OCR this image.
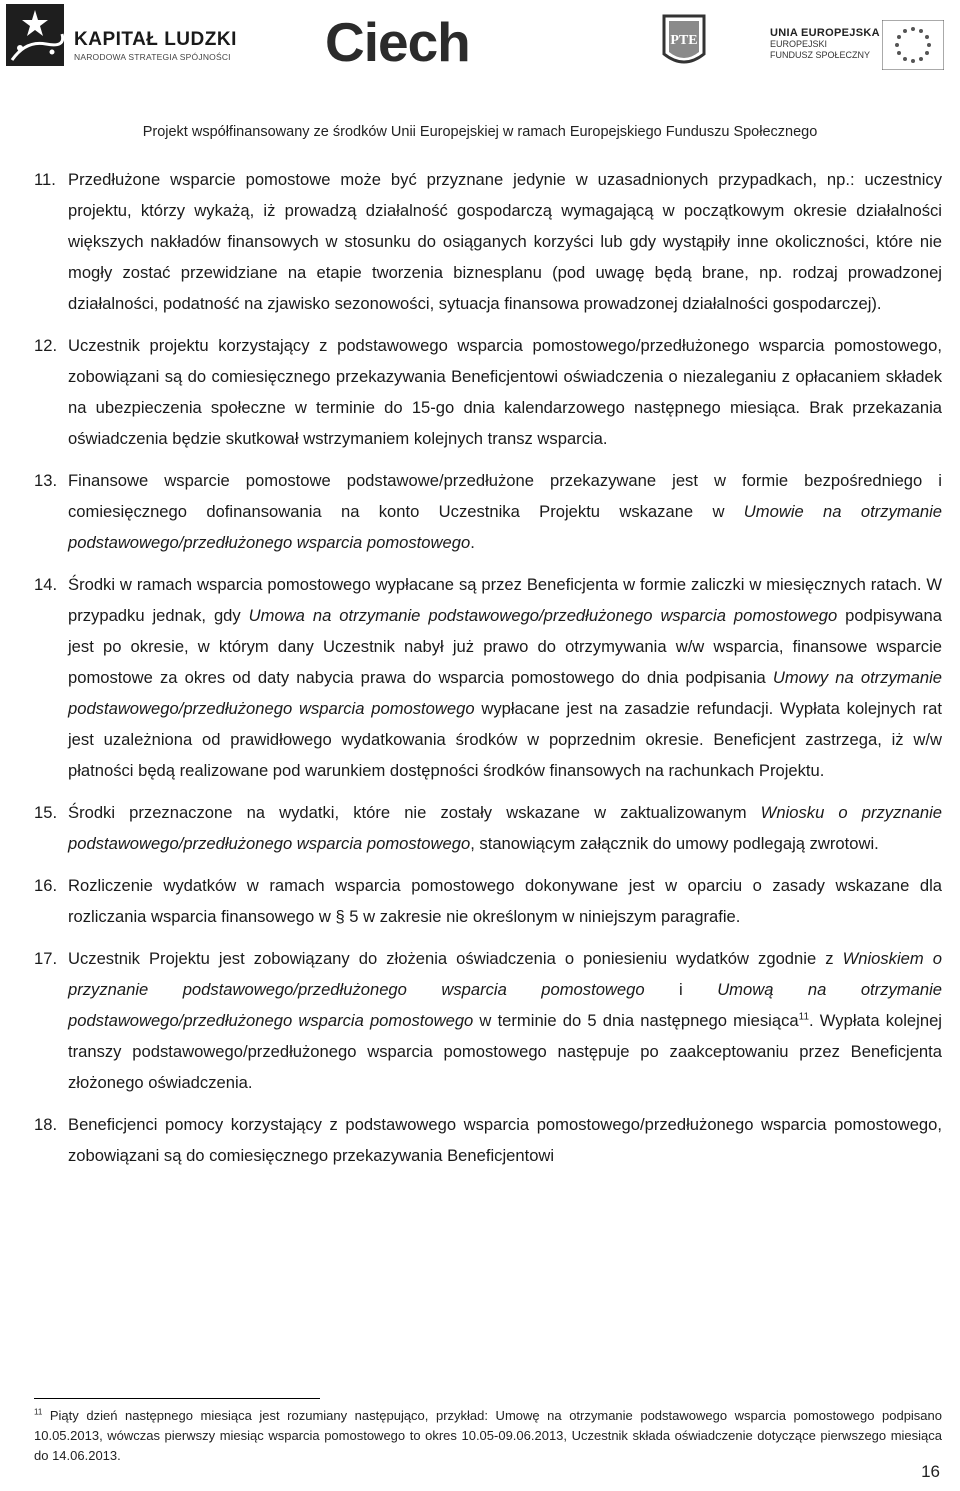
KAPITAŁ LUDZKI
NARODOWA STRATEGIA SPÓJNOŚCI Ciech	PTE	UNIA EUROPEJSKA
EUROPEJSKI
FUNDUSZ SPOŁECZNY
Projekt współfinansowany ze środków Unii Europejskiej w ramach Europejskiego Funduszu Społecznego
11. Przedłużone wsparcie pomostowe może być przyznane jedynie w uzasadnionych przypadkach, np.: uczestnicy projektu, którzy wykażą, iż prowadzą działalność gospodarczą wymagającą w początkowym okresie działalności większych nakładów finansowych w stosunku do osiąganych korzyści lub gdy wystąpiły inne okoliczności, które nie mogły zostać przewidziane na etapie tworzenia biznesplanu (pod uwagę będą brane, np. rodzaj prowadzonej działalności, podatność na zjawisko sezonowości, sytuacja finansowa prowadzonej działalności gospodarczej).
12. Uczestnik projektu korzystający z podstawowego wsparcia pomostowego/przedłużonego wsparcia pomostowego, zobowiązani są do comiesięcznego przekazywania Beneficjentowi oświadczenia o niezaleganiu z opłacaniem składek na ubezpieczenia społeczne w terminie do 15-go dnia kalendarzowego następnego miesiąca. Brak przekazania oświadczenia będzie skutkował wstrzymaniem kolejnych transz wsparcia.
13. Finansowe wsparcie pomostowe podstawowe/przedłużone przekazywane jest w formie bezpośredniego i comiesięcznego dofinansowania na konto Uczestnika Projektu wskazane w Umowie na otrzymanie podstawowego/przedłużonego wsparcia pomostowego.
14. Środki w ramach wsparcia pomostowego wypłacane są przez Beneficjenta w formie zaliczki w miesięcznych ratach. W przypadku jednak, gdy Umowa na otrzymanie podstawowego/przedłużonego wsparcia pomostowego podpisywana jest po okresie, w którym dany Uczestnik nabył już prawo do otrzymywania w/w wsparcia, finansowe wsparcie pomostowe za okres od daty nabycia prawa do wsparcia pomostowego do dnia podpisania Umowy na otrzymanie podstawowego/przedłużonego wsparcia pomostowego wypłacane jest na zasadzie refundacji. Wypłata kolejnych rat jest uzależniona od prawidłowego wydatkowania środków w poprzednim okresie. Beneficjent zastrzega, iż w/w płatności będą realizowane pod warunkiem dostępności środków finansowych na rachunkach Projektu.
15. Środki przeznaczone na wydatki, które nie zostały wskazane w zaktualizowanym Wniosku o przyznanie podstawowego/przedłużonego wsparcia pomostowego, stanowiącym załącznik do umowy podlegają zwrotowi.
16. Rozliczenie wydatków w ramach wsparcia pomostowego dokonywane jest w oparciu o zasady wskazane dla rozliczania wsparcia finansowego w § 5 w zakresie nie określonym w niniejszym paragrafie.
17. Uczestnik Projektu jest zobowiązany do złożenia oświadczenia o poniesieniu wydatków zgodnie z Wnioskiem o przyznanie podstawowego/przedłużonego wsparcia pomostowego i Umową na otrzymanie podstawowego/przedłużonego wsparcia pomostowego w terminie do 5 dnia następnego miesiąca$^{11}$. Wypłata kolejnej transzy podstawowego/przedłużonego wsparcia pomostowego następuje po zaakceptowaniu przez Beneficjenta złożonego oświadczenia.
18. Beneficjenci pomocy korzystający z podstawowego wsparcia pomostowego/przedłużonego wsparcia pomostowego, zobowiązani są do comiesięcznego przekazywania Beneficjentowi
$^{11}$ Piąty dzień następnego miesiąca jest rozumiany następująco, przykład: Umowę na otrzymanie podstawowego wsparcia pomostowego podpisano 10.05.2013, wówczas pierwszy miesiąc wsparcia pomostowego to okres 10.05-09.06.2013, Uczestnik składa oświadczenie dotyczące pierwszego miesiąca do 14.06.2013.
16
